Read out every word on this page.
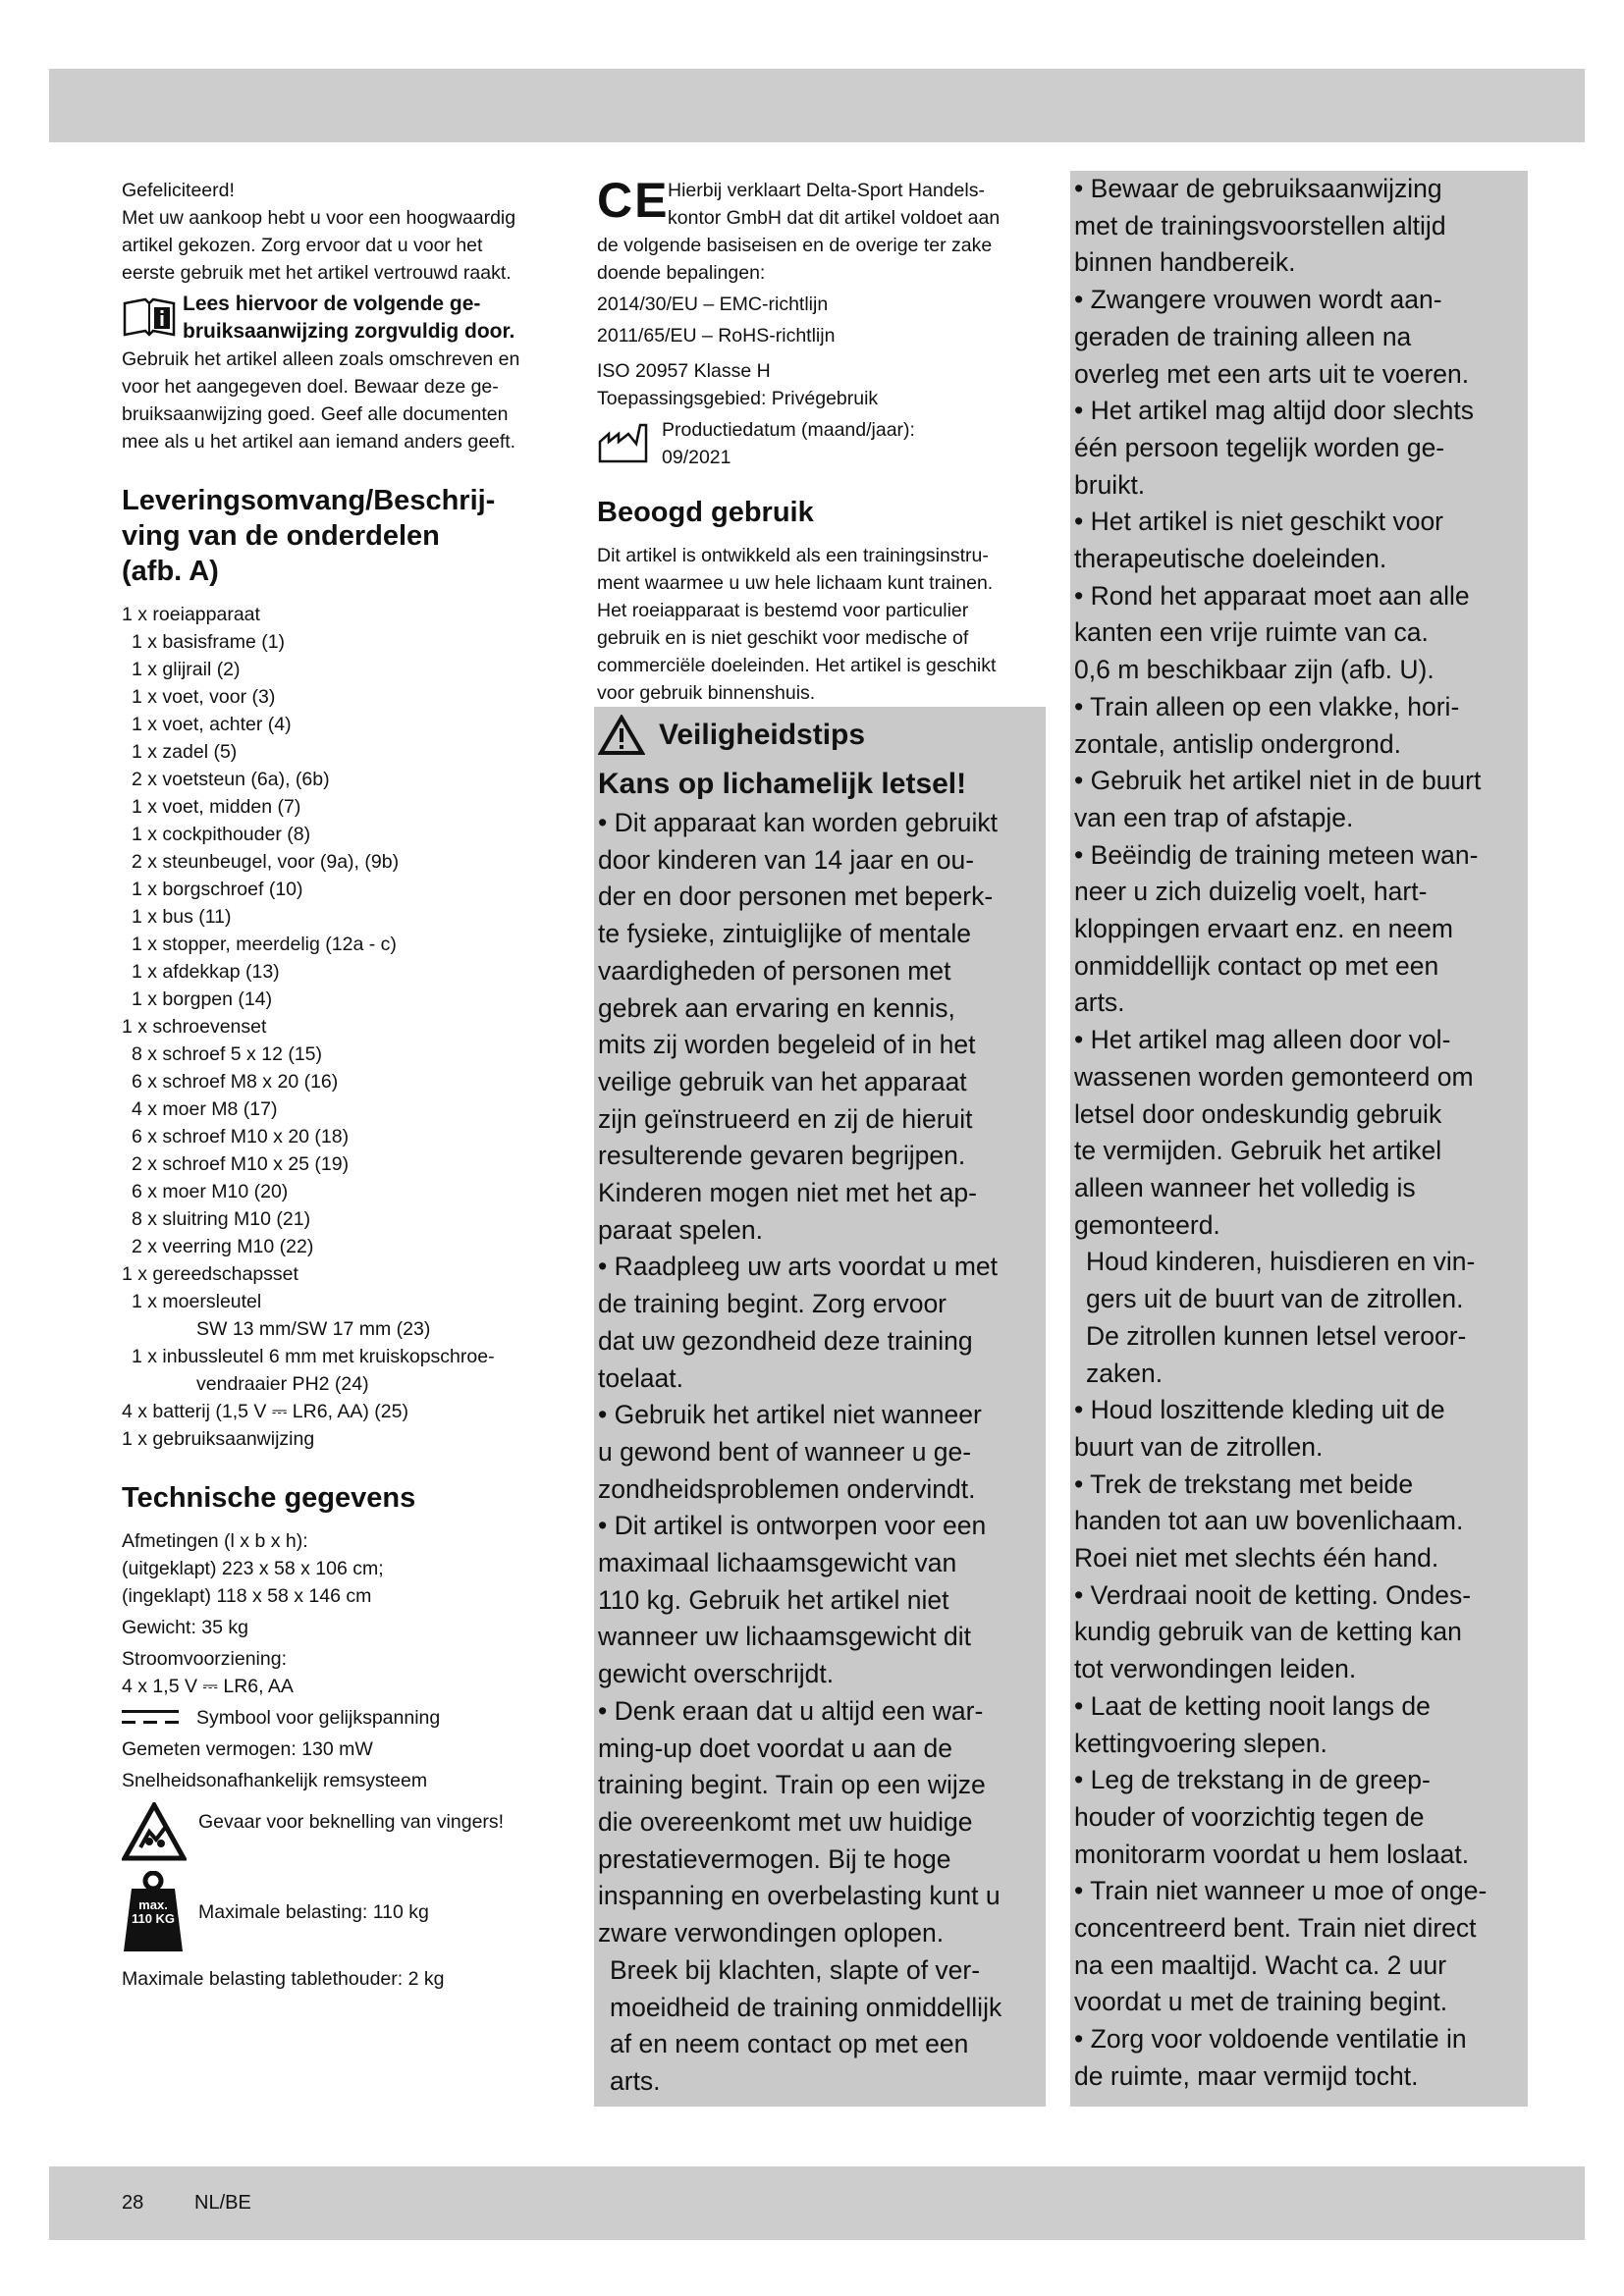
Gefeliciteerd!

Met uw aankoop hebt u voor een hoogwaardig

artikel gekozen. Zorg ervoor dat u voor het

eerste gebruik met het artikel vertrouwd raakt.

Lees hiervoor de volgende ge-
bruiksaanwijzing zorgvuldig door.

Gebruik het artikel alleen zoals omschreven en

voor het aangegeven doel. Bewaar deze ge-

bruiksaanwijzing goed. Geef alle documenten

mee als u het artikel aan iemand anders geeft.

Leveringsomvang/Beschrij-
ving van de onderdelen
(afb. A)
1 x roeiapparaat
1 x basisframe (1)
1 x glijrail (2)
1 x voet, voor (3)
1 x voet, achter (4)
1 x zadel (5)
2 x voetsteun (6a), (6b)
1 x voet, midden (7)
1 x cockpithouder (8)
2 x steunbeugel, voor (9a), (9b)
1 x borgschroef (10)
1 x bus (11)
1 x stopper, meerdelig (12a - c)
1 x afdekkap (13)
1 x borgpen (14)
1 x schroevenset
8 x schroef 5 x 12 (15)
6 x schroef M8 x 20 (16)
4 x moer M8 (17)
6 x schroef M10 x 20 (18)
2 x schroef M10 x 25 (19)
6 x moer M10 (20)
8 x sluitring M10 (21)
2 x veerring M10 (22)
1 x gereedschapsset
1 x moersleutel
SW 13 mm/SW 17 mm (23)
1 x inbussleutel 6 mm met kruiskopschroe-
vendraaier PH2 (24)
4 x batterij (1,5 V ⎓ LR6, AA) (25)
1 x gebruiksaanwijzing
Technische gegevens

Afmetingen (l x b x h):

(uitgeklapt) 223 x 58 x 106 cm;

(ingeklapt) 118 x 58 x 146 cm

Gewicht: 35 kg

Stroomvoorziening:

4 x 1,5 V ⎓ LR6, AA

Symbool voor gelijkspanning

Gemeten vermogen: 130 mW

Snelheidsonafhankelijk remsysteem

Gevaar voor beknelling van vingers!
max. 110 KG Maximale belasting: 110 kg

Maximale belasting tablethouder: 2 kg

CE

Hierbij verklaart Delta-Sport Handels-

kontor GmbH dat dit artikel voldoet aan

de volgende basiseisen en de overige ter zake

doende bepalingen:

2014/30/EU – EMC-richtlijn

2011/65/EU – RoHS-richtlijn

ISO 20957 Klasse H

Toepassingsgebied: Privégebruik

Productiedatum (maand/jaar):
09/2021
Beoogd gebruik

Dit artikel is ontwikkeld als een trainingsinstru-

ment waarmee u uw hele lichaam kunt trainen.

Het roeiapparaat is bestemd voor particulier

gebruik en is niet geschikt voor medische of

commerciële doeleinden. Het artikel is geschikt

voor gebruik binnenshuis.

Veiligheidstips
Kans op lichamelijk letsel!
• Dit apparaat kan worden gebruikt
door kinderen van 14 jaar en ou-
der en door personen met beperk-
te fysieke, zintuiglijke of mentale
vaardigheden of personen met
gebrek aan ervaring en kennis,
mits zij worden begeleid of in het
veilige gebruik van het apparaat
zijn geïnstrueerd en zij de hieruit
resulterende gevaren begrijpen.
Kinderen mogen niet met het ap-
paraat spelen.
• Raadpleeg uw arts voordat u met
de training begint. Zorg ervoor
dat uw gezondheid deze training
toelaat.
• Gebruik het artikel niet wanneer
u gewond bent of wanneer u ge-
zondheidsproblemen ondervindt.
• Dit artikel is ontworpen voor een
maximaal lichaamsgewicht van
110 kg. Gebruik het artikel niet
wanneer uw lichaamsgewicht dit
gewicht overschrijdt.
• Denk eraan dat u altijd een war-
ming-up doet voordat u aan de
training begint. Train op een wijze
die overeenkomt met uw huidige
prestatievermogen. Bij te hoge
inspanning en overbelasting kunt u
zware verwondingen oplopen.
Breek bij klachten, slapte of ver-
moeidheid de training onmiddellijk
af en neem contact op met een
arts.
• Bewaar de gebruiksaanwijzing
met de trainingsvoorstellen altijd
binnen handbereik.
• Zwangere vrouwen wordt aan-
geraden de training alleen na
overleg met een arts uit te voeren.
• Het artikel mag altijd door slechts
één persoon tegelijk worden ge-
bruikt.
• Het artikel is niet geschikt voor
therapeutische doeleinden.
• Rond het apparaat moet aan alle
kanten een vrije ruimte van ca.
0,6 m beschikbaar zijn (afb. U).
• Train alleen op een vlakke, hori-
zontale, antislip ondergrond.
• Gebruik het artikel niet in de buurt
van een trap of afstapje.
• Beëindig de training meteen wan-
neer u zich duizelig voelt, hart-
kloppingen ervaart enz. en neem
onmiddellijk contact op met een
arts.
• Het artikel mag alleen door vol-
wassenen worden gemonteerd om
letsel door ondeskundig gebruik
te vermijden. Gebruik het artikel
alleen wanneer het volledig is
gemonteerd.
Houd kinderen, huisdieren en vin-
gers uit de buurt van de zitrollen.
De zitrollen kunnen letsel veroor-
zaken.
• Houd loszittende kleding uit de
buurt van de zitrollen.
• Trek de trekstang met beide
handen tot aan uw bovenlichaam.
Roei niet met slechts één hand.
• Verdraai nooit de ketting. Ondes-
kundig gebruik van de ketting kan
tot verwondingen leiden.
• Laat de ketting nooit langs de
kettingvoering slepen.
• Leg de trekstang in de greep-
houder of voorzichtig tegen de
monitorarm voordat u hem loslaat.
• Train niet wanneer u moe of onge-
concentreerd bent. Train niet direct
na een maaltijd. Wacht ca. 2 uur
voordat u met de training begint.
• Zorg voor voldoende ventilatie in
de ruimte, maar vermijd tocht.
28	NL/BE
